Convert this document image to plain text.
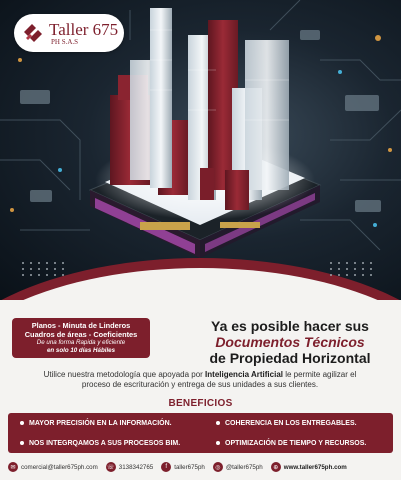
Taller 675
PH S.A.S
Planos - Minuta de Linderos
Cuadros de áreas - Coeficientes
De una forma Rapida y eficiente
en solo 10 días Hábiles
Ya es posible hacer sus
Documentos Técnicos
de Propiedad Horizontal
Utilice nuestra metodología que apoyada por Inteligencia Artificial le permite agilizar el proceso de escrituración y entrega de sus unidades a sus clientes.
BENEFICIOS
MAYOR PRECISIÓN EN LA INFORMACIÓN.	COHERENCIA EN LOS ENTREGABLES.
NOS INTEGRQAMOS A SUS PROCESOS BIM.	OPTIMIZACIÓN DE TIEMPO Y RECURSOS.
✉ comercial@taller675ph.com ☏ 3138342765	f	taller675ph	◎ @taller675ph	⊕ www.taller675ph.com
